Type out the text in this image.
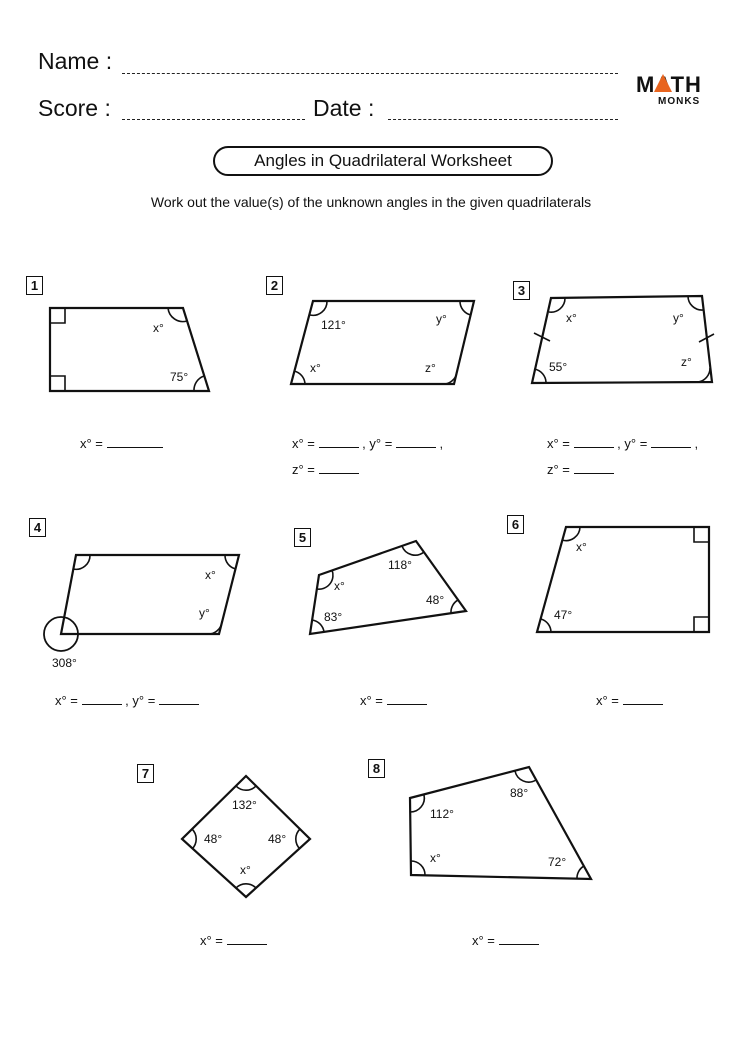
Name :
Score :	Date :
MATH
MONKS
Angles in Quadrilateral Worksheet
Work out the value(s) of the unknown angles in the given quadrilaterals
1
x°
75°
x° =
2
121°	y°
x°	z°
x° =	, y° =	,
z° =
3
x°	y°
55°	z°
x° =	, y° =	,
z° =
4
x°
y°
308°
x° =	, y° =
5
118°
x°
48°
83°
x° =
6
x°
47°
x° =
7
132°
48°	48°
x°
x° =
8
88°
112°
x°	72°
x° =
